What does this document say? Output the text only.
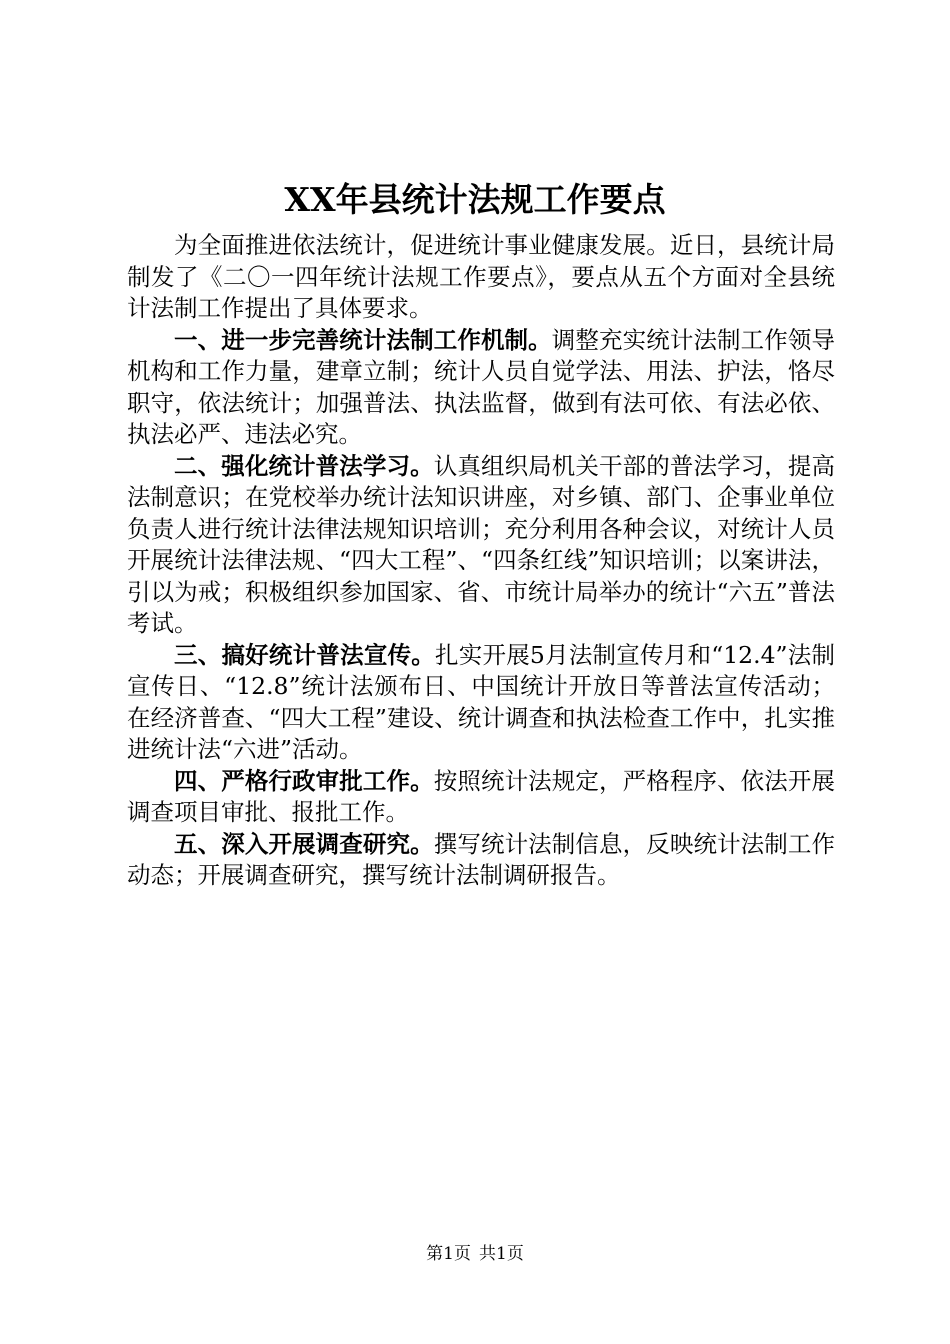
XX年县统计法规工作要点

为全面推进依法统计，促进统计事业健康发展。近日，县统计局制发了《二〇一四年统计法规工作要点》，要点从五个方面对全县统计法制工作提出了具体要求。

一、进一步完善统计法制工作机制。调整充实统计法制工作领导机构和工作力量，建章立制；统计人员自觉学法、用法、护法，恪尽职守，依法统计；加强普法、执法监督，做到有法可依、有法必依、执法必严、违法必究。

二、强化统计普法学习。认真组织局机关干部的普法学习，提高法制意识；在党校举办统计法知识讲座，对乡镇、部门、企事业单位负责人进行统计法律法规知识培训；充分利用各种会议，对统计人员开展统计法律法规、“四大工程”、“四条红线”知识培训；以案讲法，引以为戒；积极组织参加国家、省、市统计局举办的统计“六五”普法考试。

三、搞好统计普法宣传。扎实开展5月法制宣传月和“12.4”法制宣传日、“12.8”统计法颁布日、中国统计开放日等普法宣传活动；在经济普查、“四大工程”建设、统计调查和执法检查工作中，扎实推进统计法“六进”活动。

四、严格行政审批工作。按照统计法规定，严格程序、依法开展调查项目审批、报批工作。

五、深入开展调查研究。撰写统计法制信息，反映统计法制工作动态；开展调查研究，撰写统计法制调研报告。

第1页 共1页
